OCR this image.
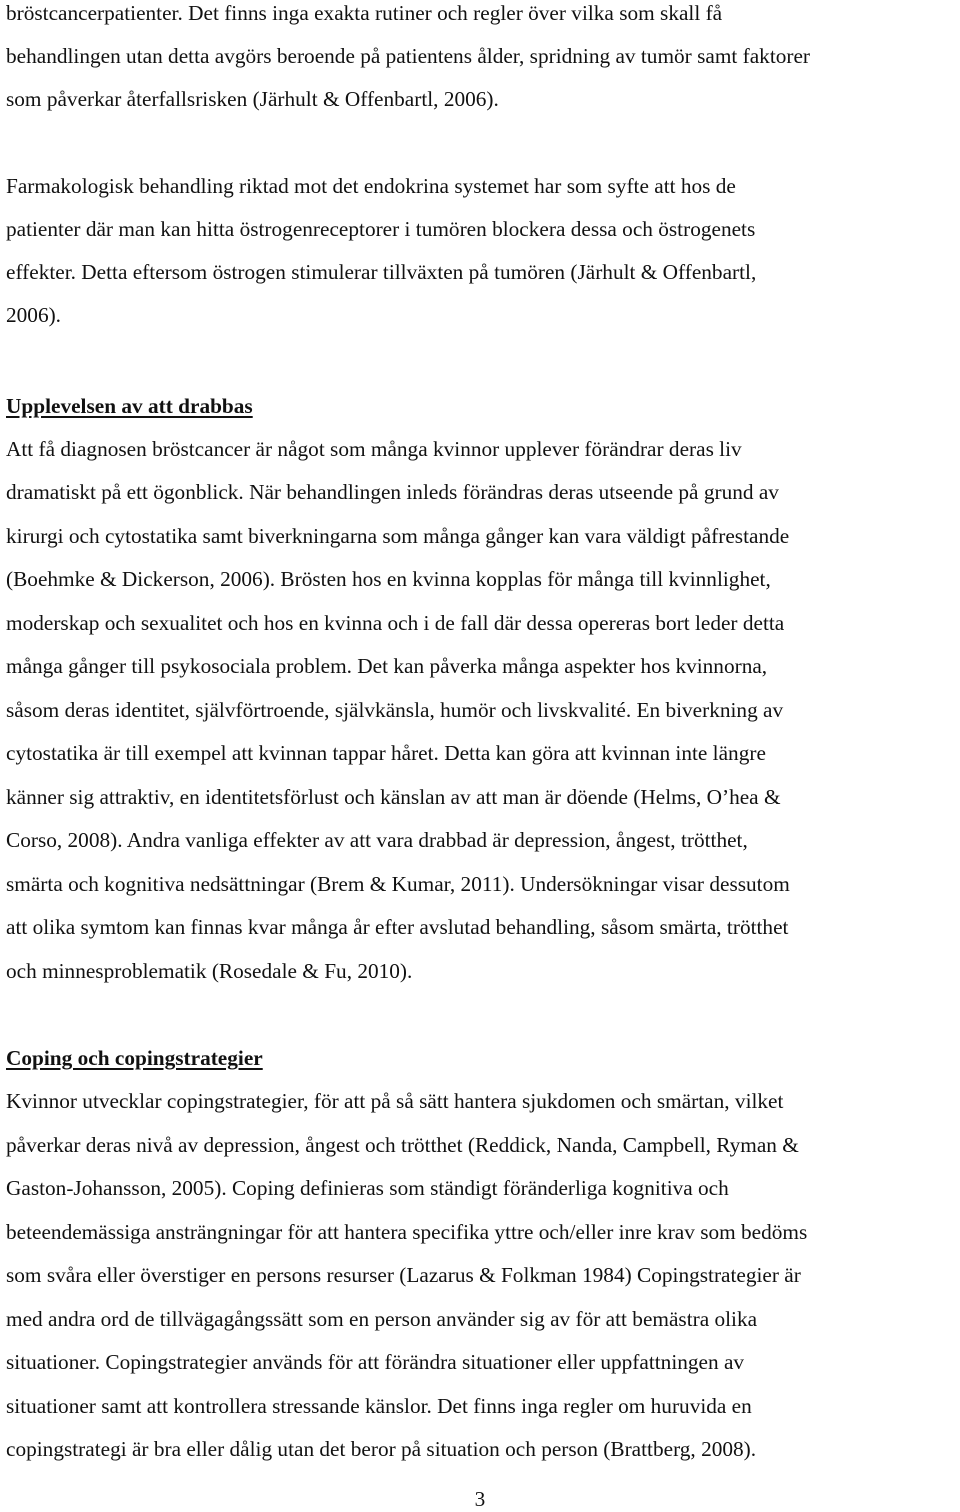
bröstcancerpatienter. Det finns inga exakta rutiner och regler över vilka som skall få
behandlingen utan detta avgörs beroende på patientens ålder, spridning av tumör samt faktorer
som påverkar återfallsrisken (Järhult & Offenbartl, 2006).
Farmakologisk behandling riktad mot det endokrina systemet har som syfte att hos de
patienter där man kan hitta östrogenreceptorer i tumören blockera dessa och östrogenets
effekter. Detta eftersom östrogen stimulerar tillväxten på tumören (Järhult & Offenbartl,
2006).
Upplevelsen av att drabbas
Att få diagnosen bröstcancer är något som många kvinnor upplever förändrar deras liv
dramatiskt på ett ögonblick. När behandlingen inleds förändras deras utseende på grund av
kirurgi och cytostatika samt biverkningarna som många gånger kan vara väldigt påfrestande
(Boehmke & Dickerson, 2006). Brösten hos en kvinna kopplas för många till kvinnlighet,
moderskap och sexualitet och hos en kvinna och i de fall där dessa opereras bort leder detta
många gånger till psykosociala problem. Det kan påverka många aspekter hos kvinnorna,
såsom deras identitet, självförtroende, självkänsla, humör och livskvalité. En biverkning av
cytostatika är till exempel att kvinnan tappar håret. Detta kan göra att kvinnan inte längre
känner sig attraktiv, en identitetsförlust och känslan av att man är döende (Helms, O’hea &
Corso, 2008). Andra vanliga effekter av att vara drabbad är depression, ångest, trötthet,
smärta och kognitiva nedsättningar (Brem & Kumar, 2011). Undersökningar visar dessutom
att olika symtom kan finnas kvar många år efter avslutad behandling, såsom smärta, trötthet
och minnesproblematik (Rosedale & Fu, 2010).
Coping och copingstrategier
Kvinnor utvecklar copingstrategier, för att på så sätt hantera sjukdomen och smärtan, vilket
påverkar deras nivå av depression, ångest och trötthet (Reddick, Nanda, Campbell, Ryman &
Gaston-Johansson, 2005). Coping definieras som ständigt föränderliga kognitiva och
beteendemässiga ansträngningar för att hantera specifika yttre och/eller inre krav som bedöms
som svåra eller överstiger en persons resurser (Lazarus & Folkman 1984) Copingstrategier är
med andra ord de tillvägagångssätt som en person använder sig av för att bemästra olika
situationer. Copingstrategier används för att förändra situationer eller uppfattningen av
situationer samt att kontrollera stressande känslor. Det finns inga regler om huruvida en
copingstrategi är bra eller dålig utan det beror på situation och person (Brattberg, 2008).
3
